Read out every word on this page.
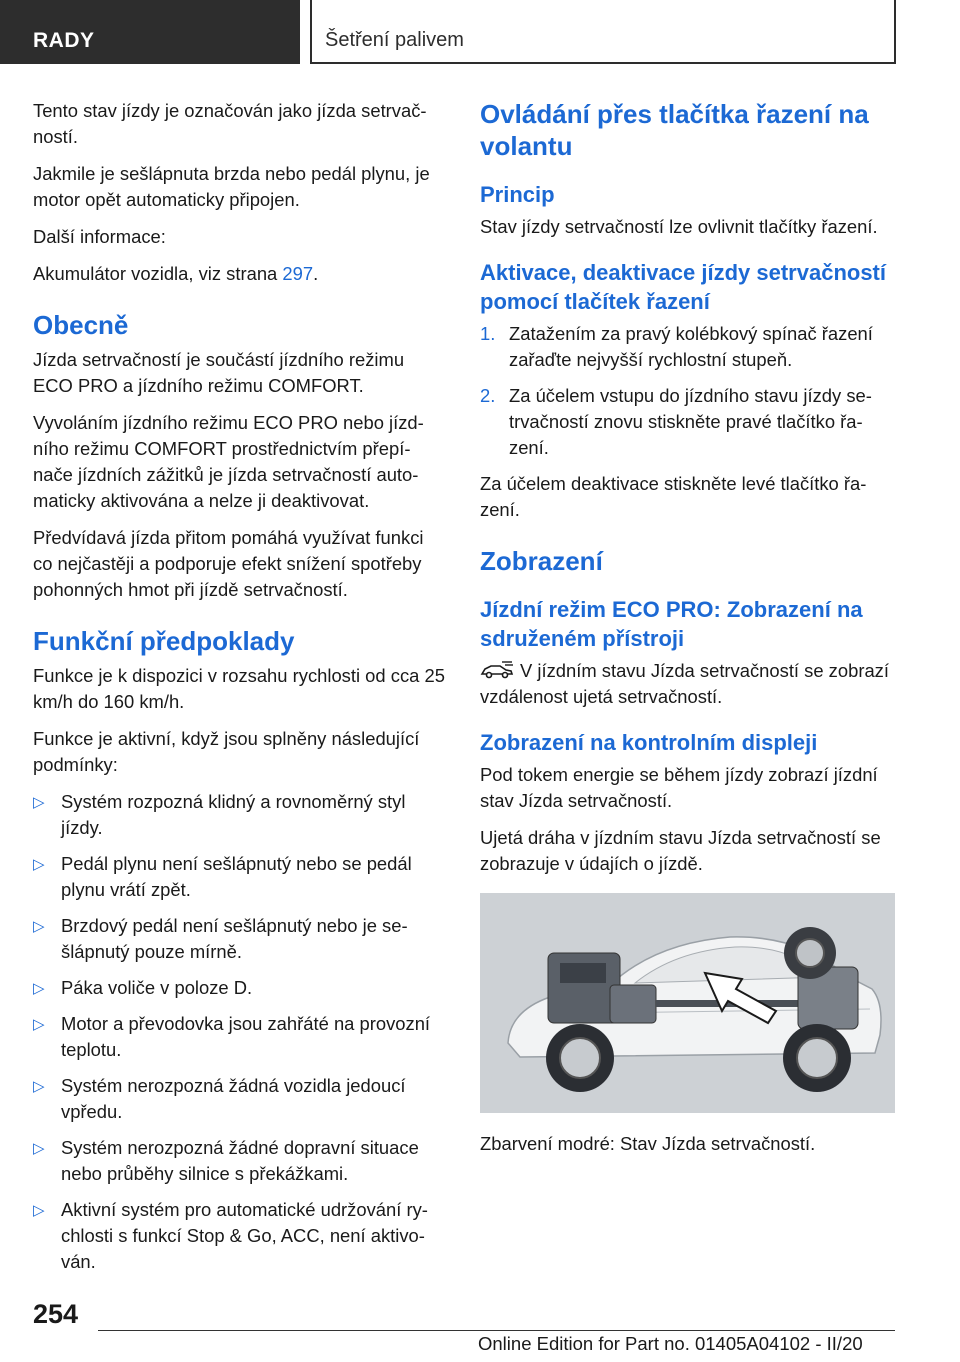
RADY	Šetření palivem

Tento stav jízdy je označován jako jízda setrvač‐ností.

Jakmile je sešlápnuta brzda nebo pedál plynu, je motor opět automaticky připojen.

Další informace:

Akumulátor vozidla, viz strana 297.

Obecně

Jízda setrvačností je součástí jízdního režimu ECO PRO a jízdního režimu COMFORT.

Vyvoláním jízdního režimu ECO PRO nebo jízd‐ního režimu COMFORT prostřednictvím přepí‐nače jízdních zážitků je jízda setrvačností auto‐maticky aktivována a nelze ji deaktivovat.

Předvídavá jízda přitom pomáhá využívat funkci co nejčastěji a podporuje efekt snížení spotřeby pohonných hmot při jízdě setrvačností.

Funkční předpoklady

Funkce je k dispozici v rozsahu rychlosti od cca 25 km/h do 160 km/h.

Funkce je aktivní, když jsou splněny následující podmínky:

▷ Systém rozpozná klidný a rovnoměrný styl jízdy.
▷ Pedál plynu není sešlápnutý nebo se pedál plynu vrátí zpět.
▷ Brzdový pedál není sešlápnutý nebo je se‐šlápnutý pouze mírně.
▷ Páka voliče v poloze D.
▷ Motor a převodovka jsou zahřáté na provozní teplotu.
▷ Systém nerozpozná žádná vozidla jedoucí vpředu.
▷ Systém nerozpozná žádné dopravní situace nebo průběhy silnice s překážkami.
▷ Aktivní systém pro automatické udržování ry‐chlosti s funkcí Stop & Go, ACC, není aktivo‐ván.
Ovládání přes tlačítka řazení na volantu
Princip

Stav jízdy setrvačností lze ovlivnit tlačítky řazení.

Aktivace, deaktivace jízdy setrvačností pomocí tlačítek řazení
1. Zatažením za pravý kolébkový spínač řazení zařaďte nejvyšší rychlostní stupeň.
2. Za účelem vstupu do jízdního stavu jízdy se‐trvačností znovu stiskněte pravé tlačítko řa‐zení.

Za účelem deaktivace stiskněte levé tlačítko řa‐zení.

Zobrazení
Jízdní režim ECO PRO: Zobrazení na sdruženém přístroji

V jízdním stavu Jízda setrvačností se zobrazí vzdálenost ujetá setrvačností.

Zobrazení na kontrolním displeji

Pod tokem energie se během jízdy zobrazí jízdní stav Jízda setrvačností.

Ujetá dráha v jízdním stavu Jízda setrvačností se zobrazuje v údajích o jízdě.

Zbarvení modré: Stav Jízda setrvačností.

254
Online Edition for Part no. 01405A04102 - II/20
